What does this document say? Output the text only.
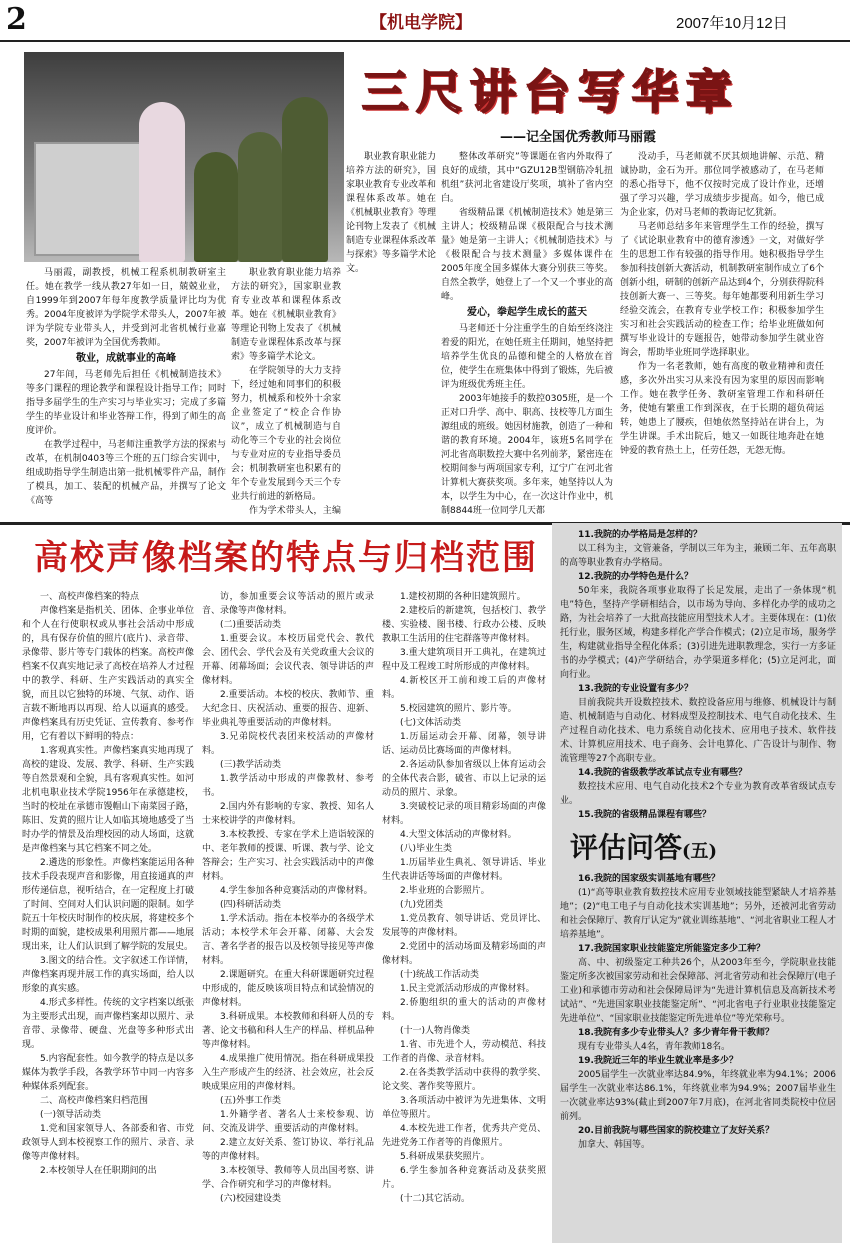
2	【机电学院】	2007年10月12日
三尺讲台写华章
——记全国优秀教师马丽霞

马丽霞，副教授，机械工程系机制教研室主任。她在教学一线从教27年如一日，兢兢业业，自1999年到2007年每年度教学质量评比均为优秀。2004年度被评为学院学术带头人，2007年被评为学院专业带头人，并受到河北省机械行业嘉奖，2007年被评为全国优秀教师。

敬业，成就事业的高峰

27年间，马老师先后担任《机械制造技术》等多门课程的理论教学和课程设计指导工作；同时指导多届学生的生产实习与毕业实习；完成了多篇学生的毕业设计和毕业答辩工作，得到了师生的高度评价。

在教学过程中，马老师注重教学方法的探索与改革，在机制0403等三个班的五门综合实训中，组成助指导学生制造出第一批机械零件产品，制作了模具，加工、装配的机械产品，并撰写了论文《高等

职业教育职业能力培养方法的研究》，国家职业教育专业改革和课程体系改革。她在《机械职业教育》等理论刊物上发表了《机械制造专业课程体系改革与探索》等多篇学术论文。

在学院领导的大力支持下，经过她和同事们的积极努力，机械系和校外十余家企业签定了“校企合作协议”，成立了机械制造与自动化等三个专业的社会岗位与专业对应的专业指导委员会；机制教研室也积累有的年个专业发展到今天三个专业共行前进的新格局。

作为学术带头人，主编

职业教育职业能力培养方法的研究》，国家职业教育专业改革和课程体系改革。她在《机械职业教育》等理论刊物上发表了《机械制造专业课程体系改革与探索》等多篇学术论文。

整体改革研究”等课题在省内外取得了良好的成绩，其中“GZU12B型钢筋冷轧扭机组”获河北省建设厅奖项，填补了省内空白。

省级精品课《机械制造技术》她是第三主讲人；校级精品课《极限配合与技术测量》她是第一主讲人；《机械制造技术》与《极限配合与技术测量》多媒体课件在2005年度全国多媒体大赛分别获三等奖。自然全教学，她登上了一个又一个事业的高峰。

爱心，拳起学生成长的蓝天

马老师还十分注重学生的自始至终浇注着爱的阳光，在她任班主任期间，她坚持把培养学生优良的品德和健全的人格放在首位，使学生在班集体中得到了锻炼，先后被评为班级优秀班主任。

2003年她接手的数控0305班，是一个正对口升学、高中、职高、技校等几方面生源组成的班级。她因材施教，创造了一种和谐的教育环境。2004年，该班5名同学在河北省高职数控大赛中名列前茅，紧密连在校期间参与两项国家专利，辽宁广在河北省计算机大赛获奖项。多年来，她坚持以人为本，以学生为中心，在一次这计作业中，机制8844班一位同学几天都

没动手，马老师就不厌其烦地讲解、示范、精诚协助，金石为开。那位同学被感动了，在马老师的悉心指导下，他不仅按时完成了设计作业，还增强了学习兴趣，学习成绩步步提高。如今，他已成为企业家，仍对马老师的教诲记忆犹新。

马老师总结多年来管理学生工作的经验，撰写了《试论职业教育中的德育渗透》一文，对做好学生的思想工作有较强的指导作用。她积极指导学生参加科技创新大赛活动，机制教研室制作成立了6个创新小组，研制的创新产品达到4个，分别获得院科技创新大赛一、三等奖。每年她都要利用新生学习经验交流会，在教育专业学校工作；积极参加学生实习和社会实践活动的检查工作；给毕业班做如何撰写毕业设计的专题报告，她带动参加学生就业咨询会，帮助毕业班同学选择职业。

作为一名老教师，她有高度的敬业精神和责任感，多次外出实习从来没有因为家里的原因而影响工作。她在教学任务、教研室管理工作和科研任务，使她有繁重工作到深夜，在于长期的超负荷运转，她患上了腰疾，但她依然坚持站在讲台上，为学生讲课。手术出院后，她又一如既往地奔赴在她钟爱的教育热土上，任劳任怨，无怨无悔。

高校声像档案的特点与归档范围

一、高校声像档案的特点

声像档案是指机关、团体、企事业单位和个人在行使职权或从事社会活动中形成的，具有保存价值的照片(底片)、录音带、录像带、影片等专门载体的档案。高校声像档案不仅真实地记录了高校在培养人才过程中的教学、科研、生产实践活动的真实全貌，而且以它独特的环境、气氛、动作、语言载不断地再以再现、给人以逼真的感受。声像档案具有历史凭证、宣传教育、参考作用，它有着以下鲜明的特点：

1.客观真实性。声像档案真实地再现了高校的建设、发展、教学、科研、生产实践等自然景观和全貌，具有客观真实性。如河北机电职业技术学院1956年在承德建校，当时的校址在承德市馒帽山下南菜园子路，陈旧、发黄的照片让人如临其境地感受了当时办学的情景及治理校园的动人场面，这就是声像档案与其它档案不同之处。

2.遴选的形象性。声像档案能运用各种技术手段表现声音和影像，用直接通真的声形传递信息，视听结合，在一定程度上打破了时间、空间对人们认识问题的限制。如学院五十年校庆时制作的校庆展，将建校多个时期的面貌，建校成果利用照片都——地展现出来，让人们认识到了解学院的发展史。

3.图文的结合性。文字叙述工作详情，声像档案再现并展工作的真实场面，给人以形象的真实感。

4.形式多样性。传统的文字档案以纸张为主要形式出现，而声像档案却以照片、录音带、录像带、硬盘、光盘等多种形式出现。

5.内容配套性。如今教学的特点是以多媒体为教学手段，各教学环节中同一内容多种媒体系列配套。

二、高校声像档案归档范围

(一)领导活动类

1.党和国家领导人、各部委和省、市党政领导人到本校视察工作的照片、录音、录像等声像材料。

2.本校领导人在任职期间的出

访，参加重要会议等活动的照片或录音、录像等声像材料。

(二)重要活动类

1.重要会议。本校历届党代会、教代会、团代会、学代会及有关党政重大会议的开幕、闭幕场面；会议代表、领导讲话的声像材料。

2.重要活动。本校的校庆、教师节、重大纪念日、庆祝活动、重要的报告、迎新、毕业典礼等重要活动的声像材料。

3.兄弟院校代表团来校活动的声像材料。

(三)教学活动类

1.教学活动中形成的声像教材、参考书。

2.国内外有影响的专家、教授、知名人士来校讲学的声像材料。

3.本校教授、专家在学术上造诣较深的中、老年教师的授课、听课、教与学、论文答辩会；生产实习、社会实践活动中的声像材料。

4.学生参加各种竞赛活动的声像材料。

(四)科研活动类

1.学术活动。指在本校举办的各级学术活动；本校学术年会开幕、闭幕、大会发言、著名学者的报告以及校领导接见等声像材料。

2.课题研究。在重大科研课题研究过程中形成的，能反映该项目特点和试验情况的声像材料。

3.科研成果。本校教师和科研人员的专著、论文书稿和科人生产的样品、样机品种等声像材料。

4.成果推广使用情况。指在科研成果投入生产形成产生的经济、社会效应，社会反映成果应用的声像材料。

(五)外事工作类

1.外籍学者、著名人士来校参观、访问、交流及讲学、重要活动的声像材料。

2.建立友好关系、签订协议、举行礼品等的声像材料。

3.本校领导、教师等人员出国考察、讲学、合作研究和学习的声像材料。

(六)校园建设类

1.建校初期的各种旧建筑照片。

2.建校后的新建筑，包括校门、教学楼、实验楼、图书楼、行政办公楼、反映教职工生活用的住宅群落等声像材料。

3.重大建筑项目开工典礼，在建筑过程中及工程竣工时所形成的声像材料。

4.新校区开工前和竣工后的声像材料。

5.校园建筑的照片、影片等。

(七)文体活动类

1.历届运动会开幕、闭幕，领导讲话、运动员比赛场面的声像材料。

2.各运动队参加省级以上体育运动会的全体代表合影，破省、市以上记录的运动员的照片、录象。

3.突破校记录的项目精彩场面的声像材料。

4.大型文体活动的声像材料。

(八)毕业生类

1.历届毕业生典礼、领导讲话、毕业生代表讲话等场面的声像材料。

2.毕业班的合影照片。

(九)党团类

1.党员教育、领导讲话、党员评比、发展等的声像材料。

2.党团中的活动场面及精彩场面的声像材料。

(十)统战工作活动类

1.民主党派活动形成的声像材料。

2.侨胞组织的重大的活动的声像材料。

(十一)人物肖像类

1.省、市先进个人，劳动模范、科技工作者的肖像、录音材料。

2.在各类教学活动中获得的教学奖、论文奖、著作奖等照片。

3.各项活动中被评为先进集体、文明单位等照片。

4.本校先进工作者，优秀共产党员、先进党务工作者等的肖像照片。

5.科研成果获奖照片。

6.学生参加各种竞赛活动及获奖照片。

(十二)其它活动。

11.我院的办学格局是怎样的？

以工科为主，文管兼备，学制以三年为主，兼顾二年、五年高职的高等职业教育办学格局。

12.我院的办学特色是什么？

50年来，我院各项事业取得了长足发展，走出了一条体现“机电”特色，坚持产学研相结合，以市场为导向、多样化办学的成功之路，为社会培养了一大批高技能应用型技术人才。主要体现在：(1)依托行业，服务区域，构建多样化产学合作模式；(2)立足市场，服务学生，构建就业指导全程化体系；(3)引进先进职教理念，实行一方多证书的办学模式；(4)产学研结合，办学渠道多样化；(5)立足河北，面向行业。

13.我院的专业设置有多少？

目前我院共开设数控技术、数控设备应用与维修、机械设计与制造、机械制造与自动化、材料成型及控制技术、电气自动化技术、生产过程自动化技术、电力系统自动化技术、应用电子技术、软件技术、计算机应用技术、电子商务、会计电算化、广告设计与制作、物流管理等27个高职专业。

14.我院的省级教学改革试点专业有哪些？

数控技术应用、电气自动化技术2个专业为教育改革省级试点专业。

15.我院的省级精品课程有哪些？

评估问答(五)

16.我院的国家级实训基地有哪些？

(1)“高等职业教育数控技术应用专业领域技能型紧缺人才培养基地”；(2)“电工电子与自动化技术实训基地”；另外，还被河北省劳动和社会保障厅、教育厅认定为“就业训练基地”、“河北省职业工程人才培养基地”。

17.我院国家职业技能鉴定所能鉴定多少工种？

高、中、初级鉴定工种共26个，从2003年至今，学院职业技能鉴定所多次被国家劳动和社会保障部、河北省劳动和社会保障厅(电子工业)和承德市劳动和社会保障局评为“先进计算机信息及高新技术考试站”、“先进国家职业技能鉴定所”、“河北省电子行业职业技能鉴定先进单位”、“国家职业技能鉴定所先进单位”等光荣称号。

18.我院有多少专业带头人？多少青年骨干教师？

现有专业带头人4名，青年教师18名。

19.我院近三年的毕业生就业率是多少？

2005届学生一次就业率达84.9%，年终就业率为94.1%；2006届学生一次就业率达86.1%，年终就业率为94.9%；2007届毕业生一次就业率达93%(截止到2007年7月底)，在河北省同类院校中位居前列。

20.目前我院与哪些国家的院校建立了友好关系？

加拿大、韩国等。
